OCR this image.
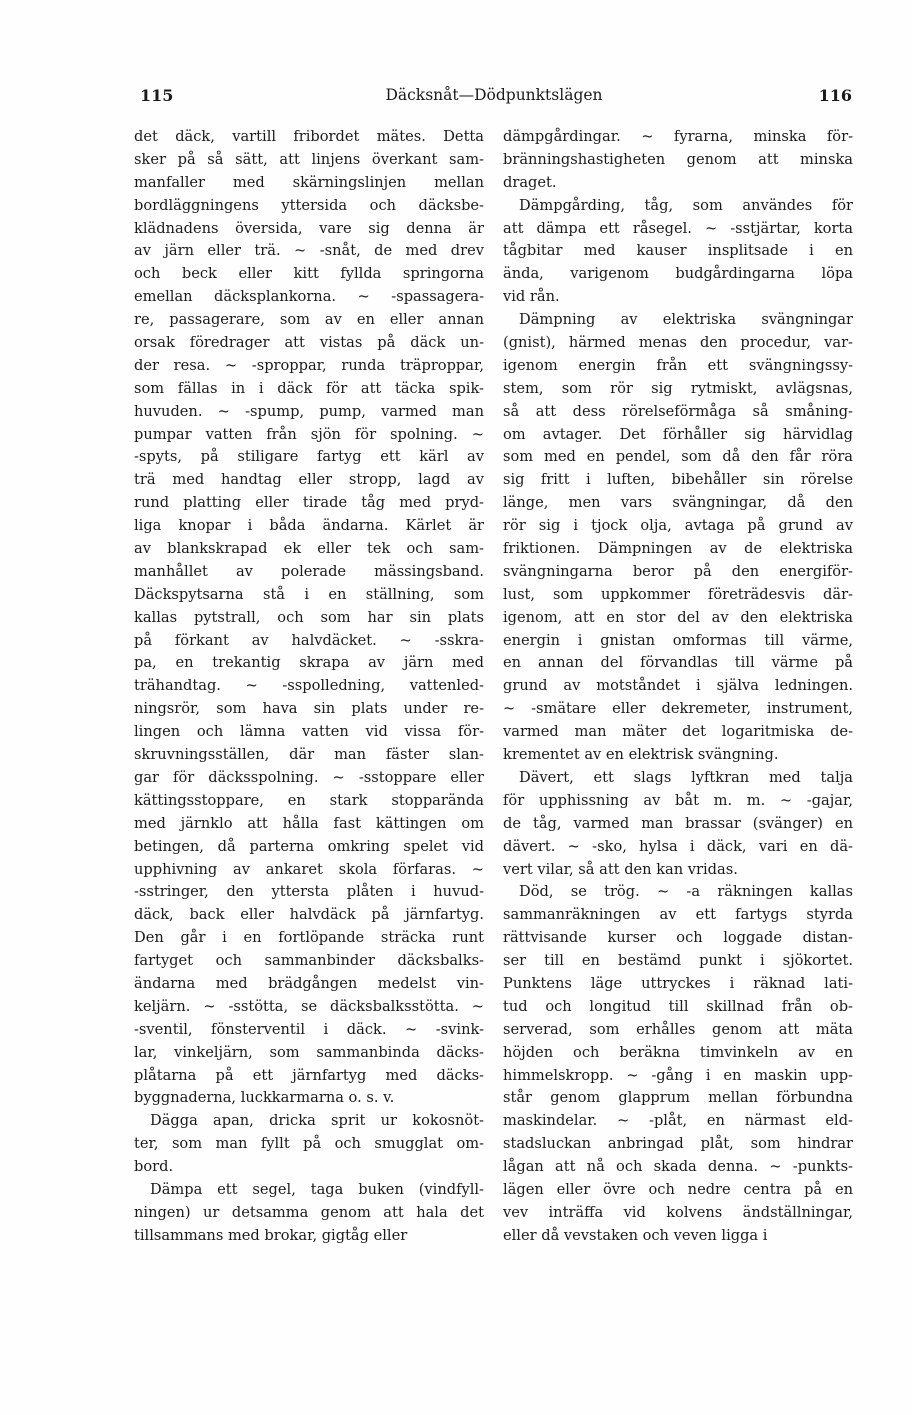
115	Däcksnåt—Dödpunktslägen	116
det däck, vartill fribordet mätes. Detta
sker på så sätt, att linjens överkant sam-
manfaller med skärningslinjen mellan
bordläggningens yttersida och däcksbe-
klädnadens översida, vare sig denna är
av järn eller trä. ~ -snåt, de med drev
och beck eller kitt fyllda springorna
emellan däcksplankorna. ~ -spassagera-
re, passagerare, som av en eller annan
orsak föredrager att vistas på däck un-
der resa. ~ -sproppar, runda träproppar,
som fällas in i däck för att täcka spik-
huvuden. ~ -spump, pump, varmed man
pumpar vatten från sjön för spolning. ~
-spyts, på stiligare fartyg ett kärl av
trä med handtag eller stropp, lagd av
rund platting eller tirade tåg med pryd-
liga knopar i båda ändarna. Kärlet är
av blankskrapad ek eller tek och sam-
manhållet av polerade mässingsband.
Däckspytsarna stå i en ställning, som
kallas pytstrall, och som har sin plats
på förkant av halvdäcket. ~ -sskra-
pa, en trekantig skrapa av järn med
trähandtag. ~ -sspolledning, vattenled-
ningsrör, som hava sin plats under re-
lingen och lämna vatten vid vissa för-
skruvningsställen, där man fäster slan-
gar för däcksspolning. ~ -sstoppare eller
kättingsstoppare, en stark stopparända
med järnklo att hålla fast kättingen om
betingen, då parterna omkring spelet vid
upphivning av ankaret skola förfaras. ~
-sstringer, den yttersta plåten i huvud-
däck, back eller halvdäck på järnfartyg.
Den går i en fortlöpande sträcka runt
fartyget och sammanbinder däcksbalks-
ändarna med brädgången medelst vin-
keljärn. ~ -sstötta, se däcksbalksstötta. ~
-sventil, fönsterventil i däck. ~ -svink-
lar, vinkeljärn, som sammanbinda däcks-
plåtarna på ett järnfartyg med däcks-
byggnaderna, luckkarmarna o. s. v.
Dägga apan, dricka sprit ur kokosnöt-
ter, som man fyllt på och smugglat om-
bord.
Dämpa ett segel, taga buken (vindfyll-
ningen) ur detsamma genom att hala det
tillsammans med brokar, gigtåg eller
dämpgårdingar. ~ fyrarna, minska för-
bränningshastigheten genom att minska
draget.
Dämpgårding, tåg, som användes för
att dämpa ett råsegel. ~ -sstjärtar, korta
tågbitar med kauser insplitsade i en
ända, varigenom budgårdingarna löpa
vid rån.
Dämpning av elektriska svängningar
(gnist), härmed menas den procedur, var-
igenom energin från ett svängningssy-
stem, som rör sig rytmiskt, avlägsnas,
så att dess rörelseförmåga så småning-
om avtager. Det förhåller sig härvidlag
som med en pendel, som då den får röra
sig fritt i luften, bibehåller sin rörelse
länge, men vars svängningar, då den
rör sig i tjock olja, avtaga på grund av
friktionen. Dämpningen av de elektriska
svängningarna beror på den energiför-
lust, som uppkommer företrädesvis där-
igenom, att en stor del av den elektriska
energin i gnistan omformas till värme,
en annan del förvandlas till värme på
grund av motståndet i själva ledningen.
~ -smätare eller dekremeter, instrument,
varmed man mäter det logaritmiska de-
krementet av en elektrisk svängning.
Dävert, ett slags lyftkran med talja
för upphissning av båt m. m. ~ -gajar,
de tåg, varmed man brassar (svänger) en
dävert. ~ -sko, hylsa i däck, vari en dä-
vert vilar, så att den kan vridas.
Död, se trög. ~ -a räkningen kallas
sammanräkningen av ett fartygs styrda
rättvisande kurser och loggade distan-
ser till en bestämd punkt i sjökortet.
Punktens läge uttryckes i räknad lati-
tud och longitud till skillnad från ob-
serverad, som erhålles genom att mäta
höjden och beräkna timvinkeln av en
himmelskropp. ~ -gång i en maskin upp-
står genom glapprum mellan förbundna
maskindelar. ~ -plåt, en närmast eld-
stadsluckan anbringad plåt, som hindrar
lågan att nå och skada denna. ~ -punkts-
lägen eller övre och nedre centra på en
vev inträffa vid kolvens ändställningar,
eller då vevstaken och veven ligga i
